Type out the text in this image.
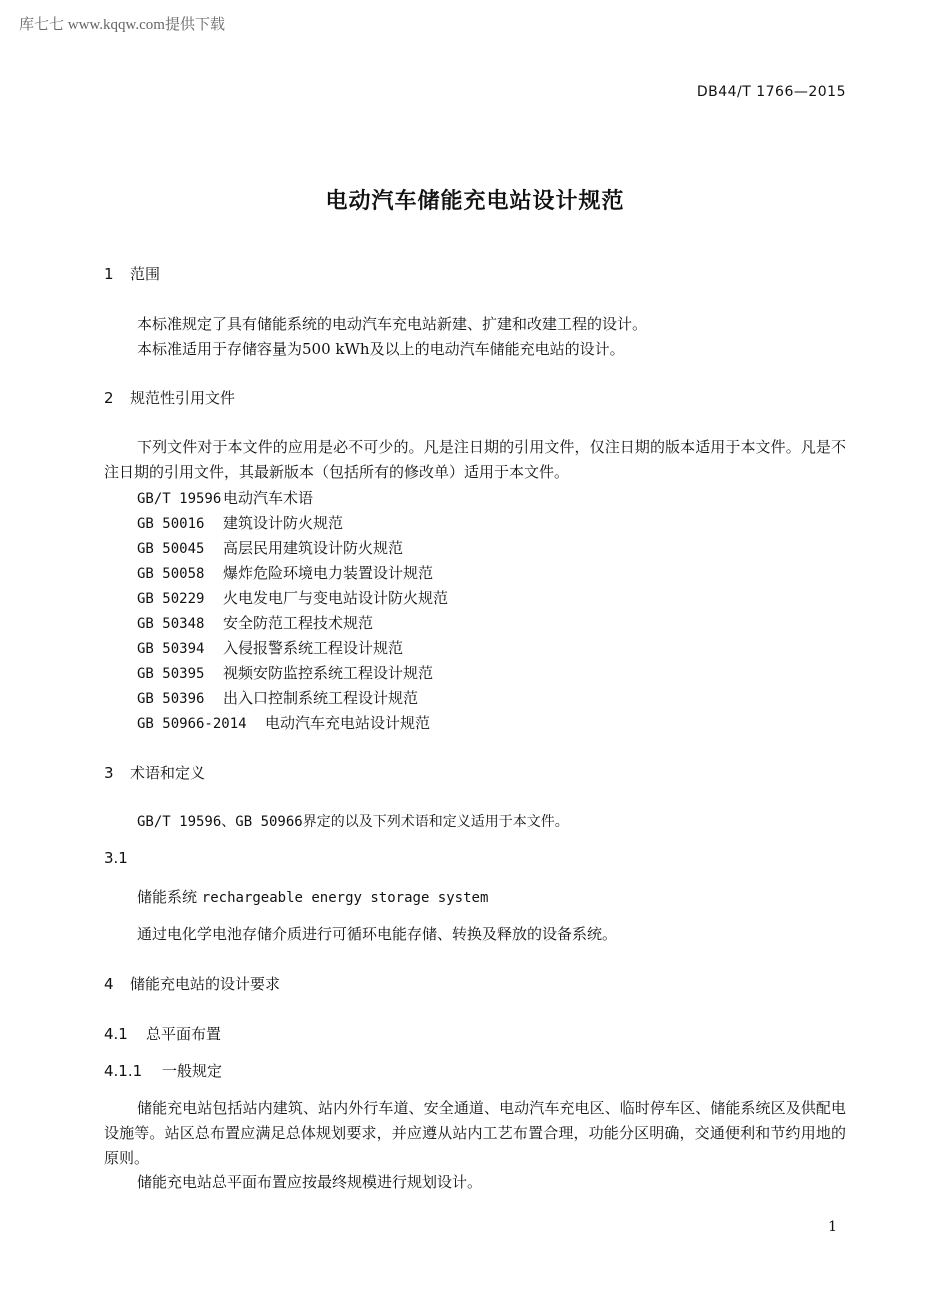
库七七 www.kqqw.com提供下载
DB44/T 1766—2015
电动汽车储能充电站设计规范
1 范围
本标准规定了具有储能系统的电动汽车充电站新建、扩建和改建工程的设计。
本标准适用于存储容量为500 kWh及以上的电动汽车储能充电站的设计。
2 规范性引用文件
下列文件对于本文件的应用是必不可少的。凡是注日期的引用文件，仅注日期的版本适用于本文件。凡是不注日期的引用文件，其最新版本（包括所有的修改单）适用于本文件。
GB/T 19596 电动汽车术语
GB 50016 建筑设计防火规范
GB 50045 高层民用建筑设计防火规范
GB 50058 爆炸危险环境电力装置设计规范
GB 50229 火电发电厂与变电站设计防火规范
GB 50348 安全防范工程技术规范
GB 50394 入侵报警系统工程设计规范
GB 50395 视频安防监控系统工程设计规范
GB 50396 出入口控制系统工程设计规范
GB 50966-2014 电动汽车充电站设计规范
3 术语和定义
GB/T 19596、GB 50966界定的以及下列术语和定义适用于本文件。
3.1
储能系统 rechargeable energy storage system
通过电化学电池存储介质进行可循环电能存储、转换及释放的设备系统。
4 储能充电站的设计要求
4.1 总平面布置
4.1.1 一般规定
储能充电站包括站内建筑、站内外行车道、安全通道、电动汽车充电区、临时停车区、储能系统区及供配电设施等。站区总布置应满足总体规划要求，并应遵从站内工艺布置合理，功能分区明确，交通便利和节约用地的原则。
储能充电站总平面布置应按最终规模进行规划设计。
1
